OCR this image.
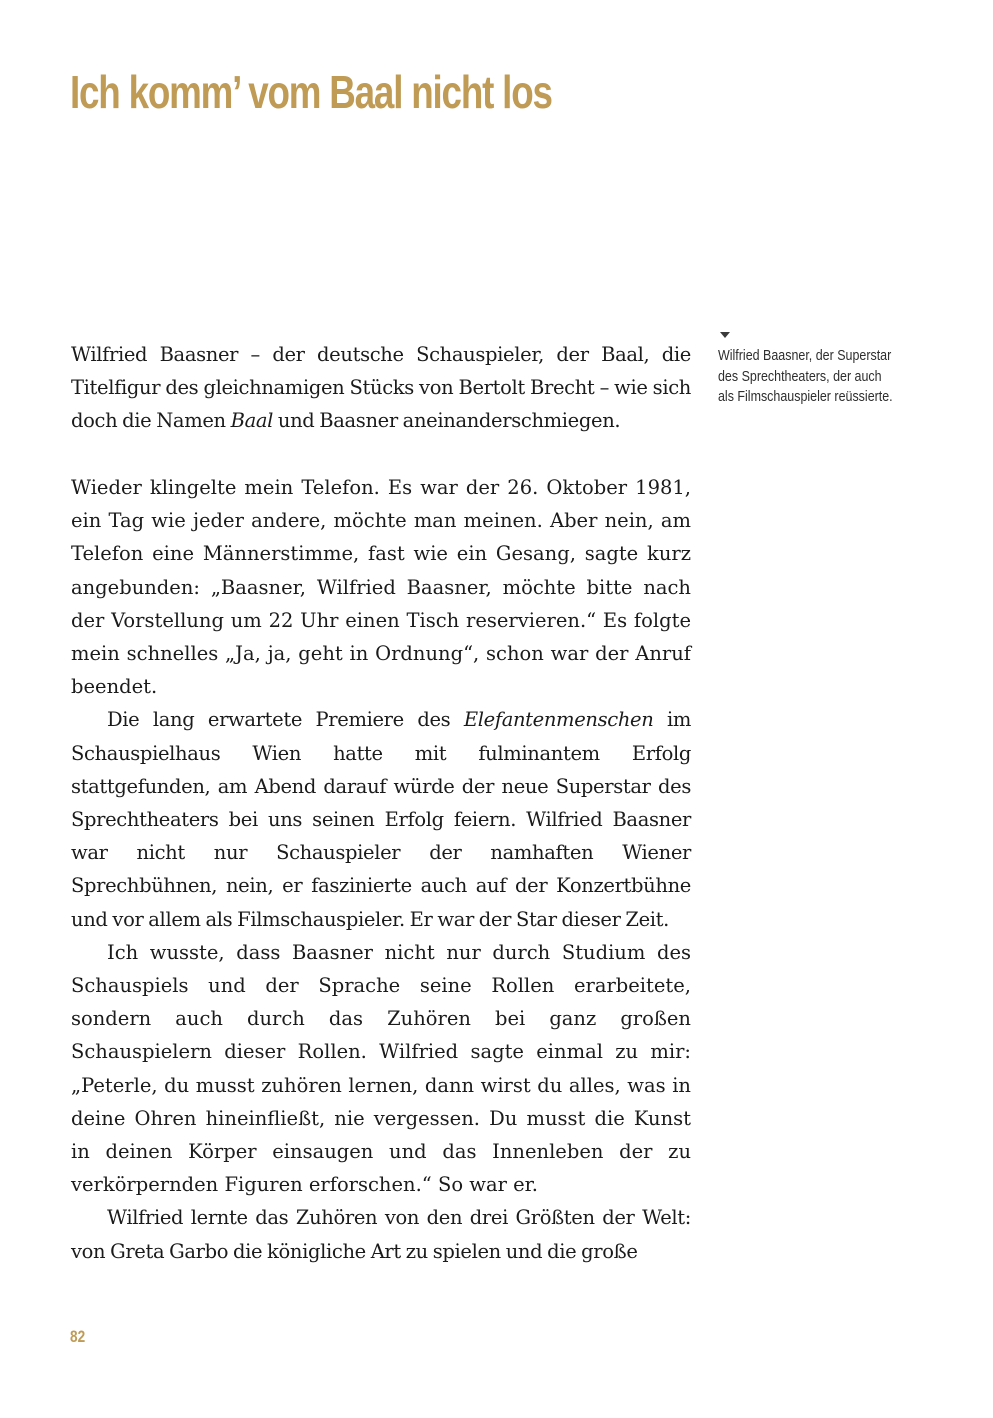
Ich komm’ vom Baal nicht los
Wilfried Baasner, der Superstar
des Sprechtheaters, der auch
als Filmschauspieler reüssierte.

Wilfried Baasner – der deutsche Schauspieler, der Baal, die Titelfigur des gleichnamigen Stücks von Bertolt Brecht – wie sich doch die Namen Baal und Baasner aneinanderschmiegen.

Wieder klingelte mein Telefon. Es war der 26. Oktober 1981, ein Tag wie jeder andere, möchte man meinen. Aber nein, am Telefon eine Männerstimme, fast wie ein Gesang, sagte kurz angebunden: „Baasner, Wilfried Baasner, möchte bitte nach der Vorstellung um 22 Uhr einen Tisch reservieren.“ Es folgte mein schnelles „Ja, ja, geht in Ordnung“, schon war der Anruf beendet.

Die lang erwartete Premiere des Elefantenmenschen im Schauspielhaus Wien hatte mit fulminantem Erfolg stattgefunden, am Abend darauf würde der neue Superstar des Sprechtheaters bei uns seinen Erfolg feiern. Wilfried Baasner war nicht nur Schauspieler der namhaften Wiener Sprechbühnen, nein, er faszinierte auch auf der Konzertbühne und vor allem als Filmschauspieler. Er war der Star dieser Zeit.

Ich wusste, dass Baasner nicht nur durch Studium des Schauspiels und der Sprache seine Rollen erarbeitete, sondern auch durch das Zuhören bei ganz großen Schauspielern dieser Rollen. Wilfried sagte einmal zu mir: „Peterle, du musst zuhören lernen, dann wirst du alles, was in deine Ohren hineinfließt, nie vergessen. Du musst die Kunst in deinen Körper einsaugen und das Innenleben der zu verkörpernden Figuren erforschen.“ So war er.

Wilfried lernte das Zuhören von den drei Größten der Welt: von Greta Garbo die königliche Art zu spielen und die große

82
